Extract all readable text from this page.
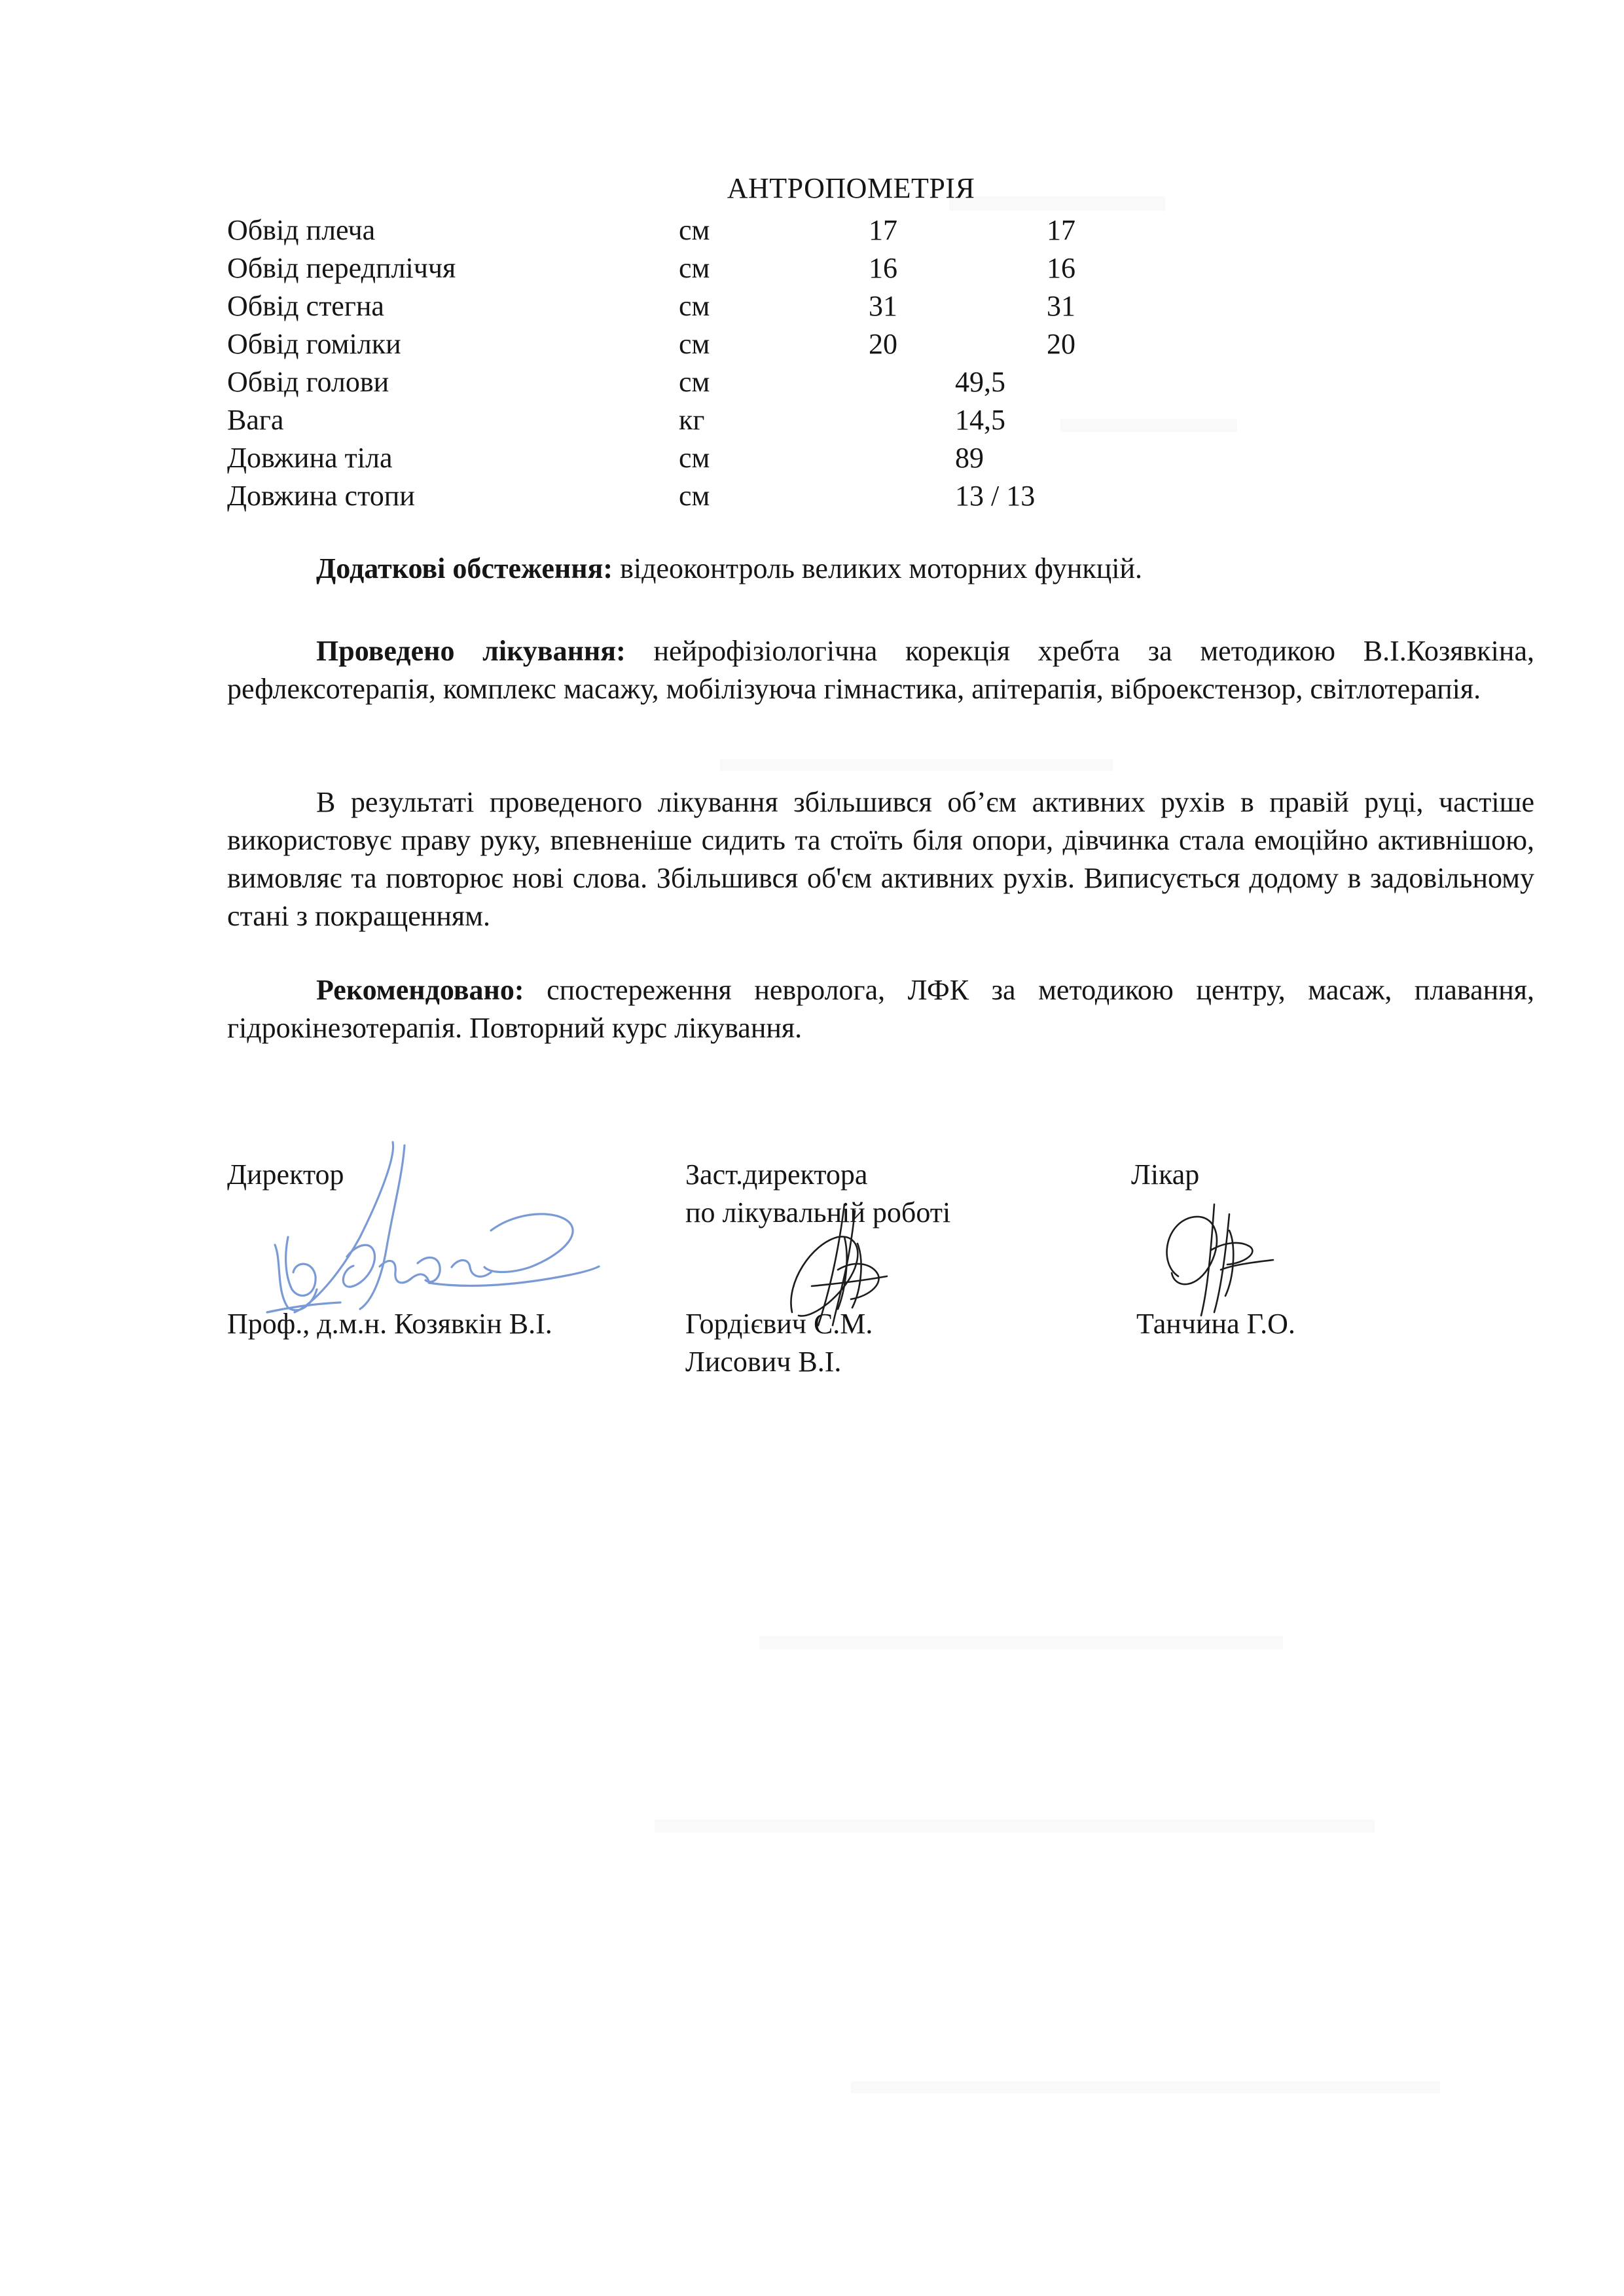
АНТРОПОМЕТРІЯ
Обвід плеча	см	17	17
Обвід передпліччя	см	16	16
Обвід стегна	см	31	31
Обвід гомілки	см	20	20
Обвід голови	см	49,5
Вага	кг	14,5
Довжина тіла	см	89
Довжина стопи	см	13 / 13
Додаткові обстеження: відеоконтроль великих моторних функцій.
Проведено лікування: нейрофізіологічна корекція хребта за методикою В.І.Козявкіна, рефлексотерапія, комплекс масажу, мобілізуюча гімнастика, апітерапія, віброекстензор, світлотерапія.
В результаті проведеного лікування збільшився об’єм активних рухів в правій руці, частіше використовує праву руку, впевненіше сидить та стоїть біля опори, дівчинка стала емоційно активнішою, вимовляє та повторює нові слова. Збільшився об'єм активних рухів. Виписується додому в задовільному стані з покращенням.
Рекомендовано: спостереження невролога, ЛФК за методикою центру, масаж, плавання, гідрокінезотерапія. Повторний курс лікування.
Директор
Проф., д.м.н. Козявкін В.І.
Заст.директора
по лікувальній роботі
Гордієвич С.М.
Лисович В.І.
Лікар
Танчина Г.О.
